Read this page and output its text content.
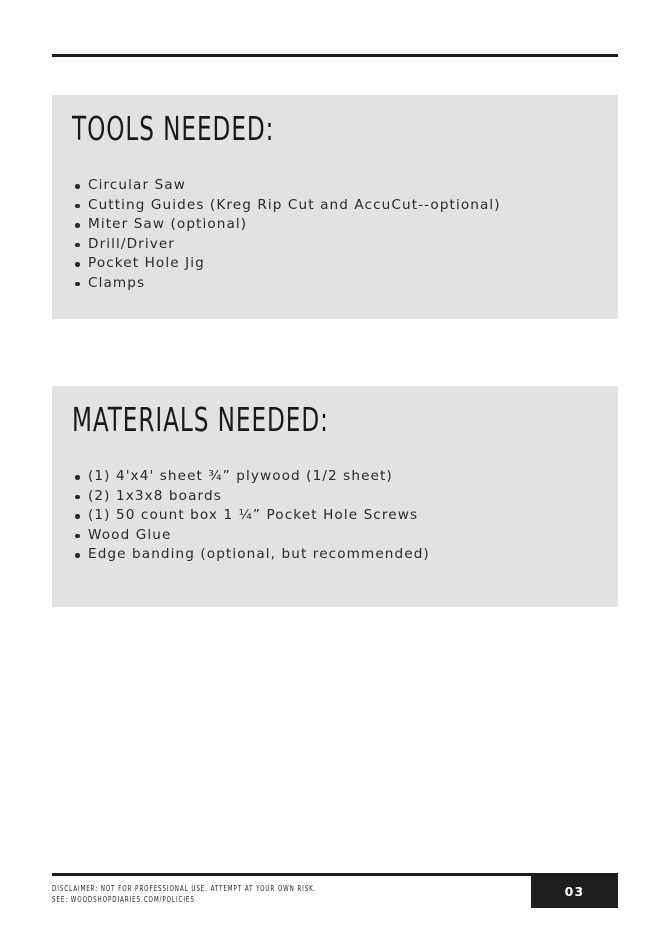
TOOLS NEEDED:
Circular Saw
Cutting Guides (Kreg Rip Cut and AccuCut--optional)
Miter Saw (optional)
Drill/Driver
Pocket Hole Jig
Clamps
MATERIALS NEEDED:
(1) 4'x4' sheet ¾” plywood (1/2 sheet)
(2) 1x3x8 boards
(1) 50 count box 1 ¼” Pocket Hole Screws
Wood Glue
Edge banding (optional, but recommended)
DISCLAIMER: NOT FOR PROFESSIONAL USE. ATTEMPT AT YOUR OWN RISK.
SEE: WOODSHOPDIARIES.COM/POLICIES
03
